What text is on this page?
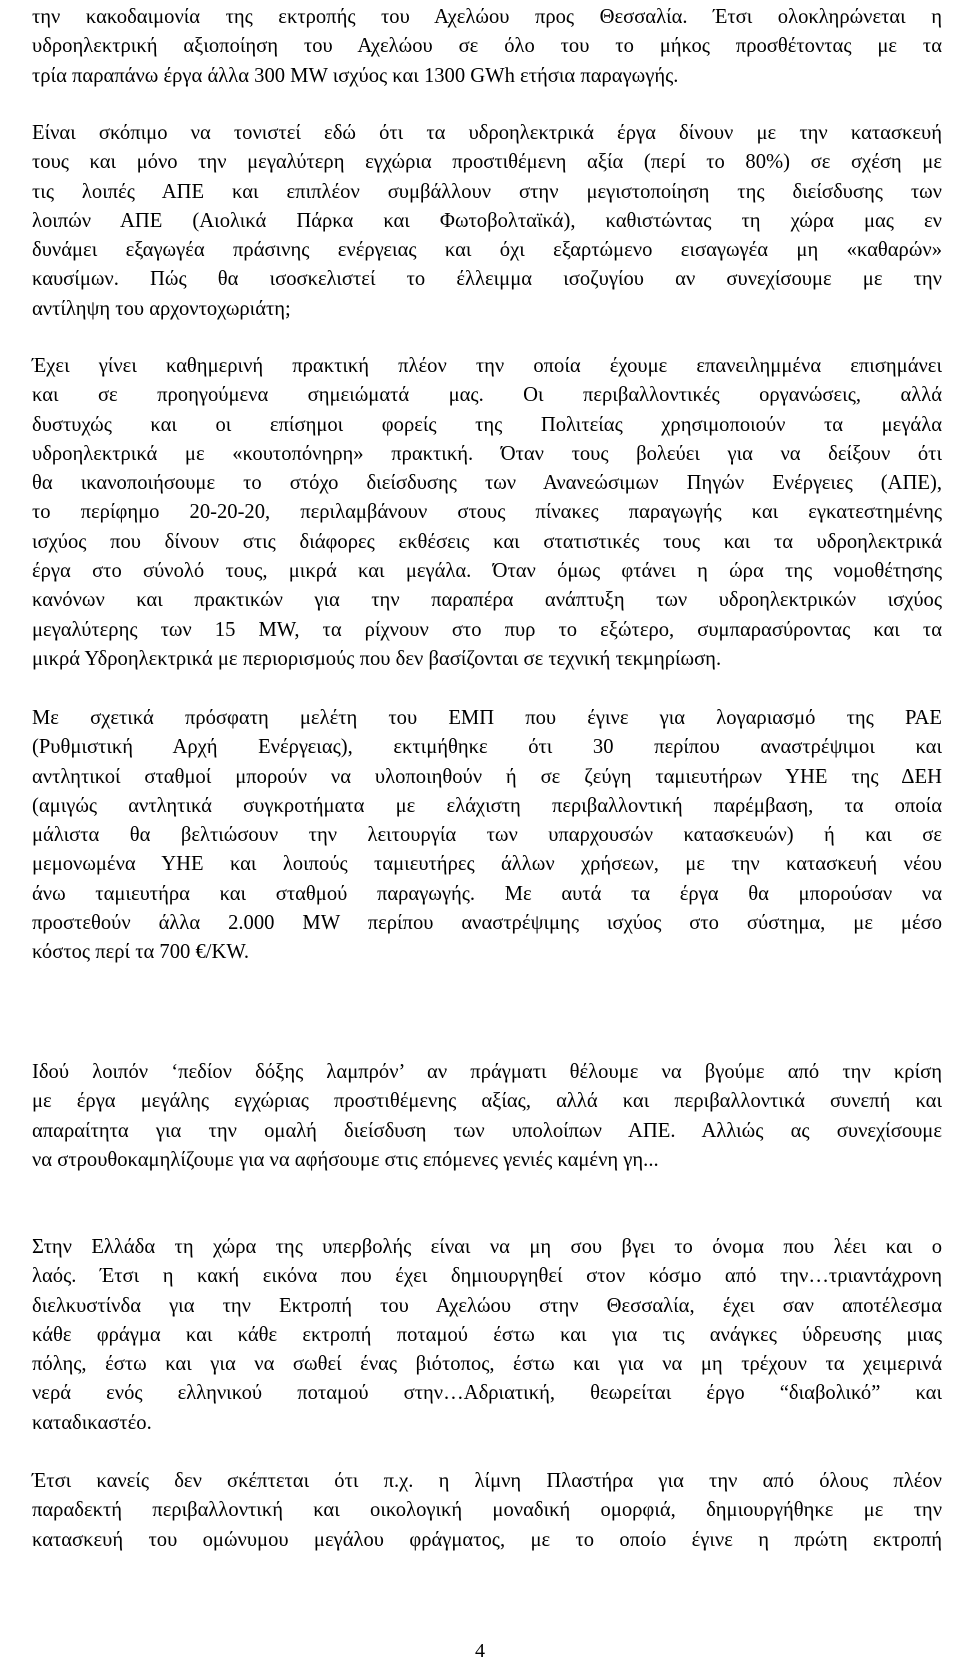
την κακοδαιμονία της εκτροπής του Αχελώου προς Θεσσαλία. Έτσι ολοκληρώνεται η
υδροηλεκτρική αξιοποίηση του Αχελώου σε όλο του το μήκος προσθέτοντας με τα
τρία παραπάνω έργα άλλα 300 MW ισχύος και 1300 GWh ετήσια παραγωγής.

Είναι σκόπιμο να τονιστεί εδώ ότι τα υδροηλεκτρικά έργα δίνουν με την κατασκευή
τους και μόνο την μεγαλύτερη εγχώρια προστιθέμενη αξία (περί το 80%) σε σχέση με
τις λοιπές ΑΠΕ και επιπλέον συμβάλλουν στην μεγιστοποίηση της διείσδυσης των
λοιπών ΑΠΕ (Αιολικά Πάρκα και Φωτοβολταϊκά), καθιστώντας τη χώρα μας εν
δυνάμει εξαγωγέα πράσινης ενέργειας και όχι εξαρτώμενο εισαγωγέα μη «καθαρών»
καυσίμων. Πώς θα ισοσκελιστεί το έλλειμμα ισοζυγίου αν συνεχίσουμε με την
αντίληψη του αρχοντοχωριάτη;

Έχει γίνει καθημερινή πρακτική πλέον την οποία έχουμε επανειλημμένα επισημάνει
και σε προηγούμενα σημειώματά μας. Οι περιβαλλοντικές οργανώσεις, αλλά
δυστυχώς και οι επίσημοι φορείς της Πολιτείας χρησιμοποιούν τα μεγάλα
υδροηλεκτρικά με «κουτοπόνηρη» πρακτική. Όταν τους βολεύει για να δείξουν ότι
θα ικανοποιήσουμε το στόχο διείσδυσης των Ανανεώσιμων Πηγών Ενέργειες (ΑΠΕ),
το περίφημο 20-20-20, περιλαμβάνουν στους πίνακες παραγωγής και εγκατεστημένης
ισχύος που δίνουν στις διάφορες εκθέσεις και στατιστικές τους και τα υδροηλεκτρικά
έργα στο σύνολό τους, μικρά και μεγάλα. Όταν όμως φτάνει η ώρα της νομοθέτησης
κανόνων και πρακτικών για την παραπέρα ανάπτυξη των υδροηλεκτρικών ισχύος
μεγαλύτερης των 15 MW, τα ρίχνουν στο πυρ το εξώτερο, συμπαρασύροντας και τα
μικρά Υδροηλεκτρικά με περιορισμούς που δεν βασίζονται σε τεχνική τεκμηρίωση.

Με σχετικά πρόσφατη μελέτη του ΕΜΠ που έγινε για λογαριασμό της ΡΑΕ
(Ρυθμιστική Αρχή Ενέργειας), εκτιμήθηκε ότι 30 περίπου αναστρέψιμοι και
αντλητικοί σταθμοί μπορούν να υλοποιηθούν ή σε ζεύγη ταμιευτήρων ΥΗΕ της ΔΕΗ
(αμιγώς αντλητικά συγκροτήματα με ελάχιστη περιβαλλοντική παρέμβαση, τα οποία
μάλιστα θα βελτιώσουν την λειτουργία των υπαρχουσών κατασκευών) ή και σε
μεμονωμένα ΥΗΕ και λοιπούς ταμιευτήρες άλλων χρήσεων, με την κατασκευή νέου
άνω ταμιευτήρα και σταθμού παραγωγής. Με αυτά τα έργα θα μπορούσαν να
προστεθούν άλλα 2.000 MW περίπου αναστρέψιμης ισχύος στο σύστημα, με μέσο
κόστος περί τα 700 €/KW.

Ιδού λοιπόν ‘πεδίον δόξης λαμπρόν’ αν πράγματι θέλουμε να βγούμε από την κρίση
με έργα μεγάλης εγχώριας προστιθέμενης αξίας, αλλά και περιβαλλοντικά συνεπή και
απαραίτητα για την ομαλή διείσδυση των υπολοίπων ΑΠΕ. Αλλιώς ας συνεχίσουμε
να στρουθοκαμηλίζουμε για να αφήσουμε στις επόμενες γενιές καμένη γη...

Στην Ελλάδα τη χώρα της υπερβολής είναι να μη σου βγει το όνομα που λέει και ο
λαός. Έτσι η κακή εικόνα που έχει δημιουργηθεί στον κόσμο από την…τριαντάχρονη
διελκυστίνδα για την Εκτροπή του Αχελώου στην Θεσσαλία, έχει σαν αποτέλεσμα
κάθε φράγμα και κάθε εκτροπή ποταμού έστω και για τις ανάγκες ύδρευσης μιας
πόλης, έστω και για να σωθεί ένας βιότοπος, έστω και για να μη τρέχουν τα χειμερινά
νερά ενός ελληνικού ποταμού στην…Αδριατική, θεωρείται έργο “διαβολικό” και
καταδικαστέο.

Έτσι κανείς δεν σκέπτεται ότι π.χ. η λίμνη Πλαστήρα για την από όλους πλέον
παραδεκτή περιβαλλοντική και οικολογική μοναδική ομορφιά, δημιουργήθηκε με την
κατασκευή του ομώνυμου μεγάλου φράγματος, με το οποίο έγινε η πρώτη εκτροπή

4
